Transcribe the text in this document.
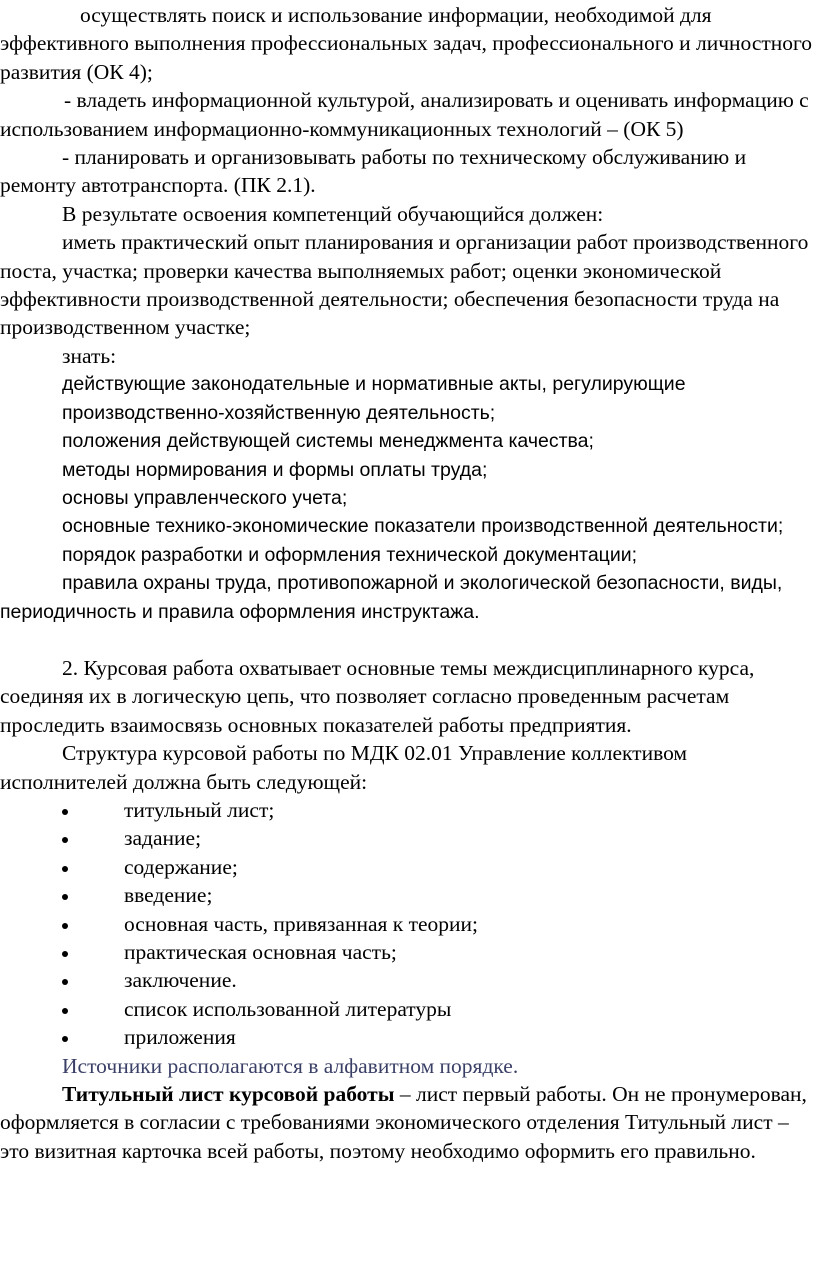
осуществлять поиск и использование информации, необходимой для эффективного выполнения профессиональных задач, профессионального и личностного развития (ОК 4);

- владеть информационной культурой, анализировать и оценивать информацию с использованием информационно-коммуникационных технологий – (ОК 5)

- планировать и организовывать работы по техническому обслуживанию и ремонту автотранспорта. (ПК 2.1).

В результате освоения компетенций обучающийся должен:

иметь практический опыт планирования и организации работ производственного поста, участка; проверки качества выполняемых работ; оценки экономической эффективности производственной деятельности; обеспечения безопасности труда на производственном участке;

знать:

действующие законодательные и нормативные акты, регулирующие

производственно-хозяйственную деятельность;

положения действующей системы менеджмента качества;

методы нормирования и формы оплаты труда;

основы управленческого учета;

основные технико-экономические показатели производственной деятельности;

порядок разработки и оформления технической документации;

правила охраны труда, противопожарной и экологической безопасности, виды, периодичность и правила оформления инструктажа.

2. Курсовая работа охватывает основные темы междисциплинарного курса, соединяя их в логическую цепь, что позволяет согласно проведенным расчетам проследить взаимосвязь основных показателей работы предприятия.

Структура курсовой работы по МДК 02.01 Управление коллективом исполнителей должна быть следующей:

титульный лист;
задание;
содержание;
введение;
основная часть, привязанная к теории;
практическая основная часть;
заключение.
список использованной литературы
приложения

Источники располагаются в алфавитном порядке.

Титульный лист курсовой работы – лист первый работы. Он не пронумерован, оформляется в согласии с требованиями экономического отделения Титульный лист – это визитная карточка всей работы, поэтому необходимо оформить его правильно.
